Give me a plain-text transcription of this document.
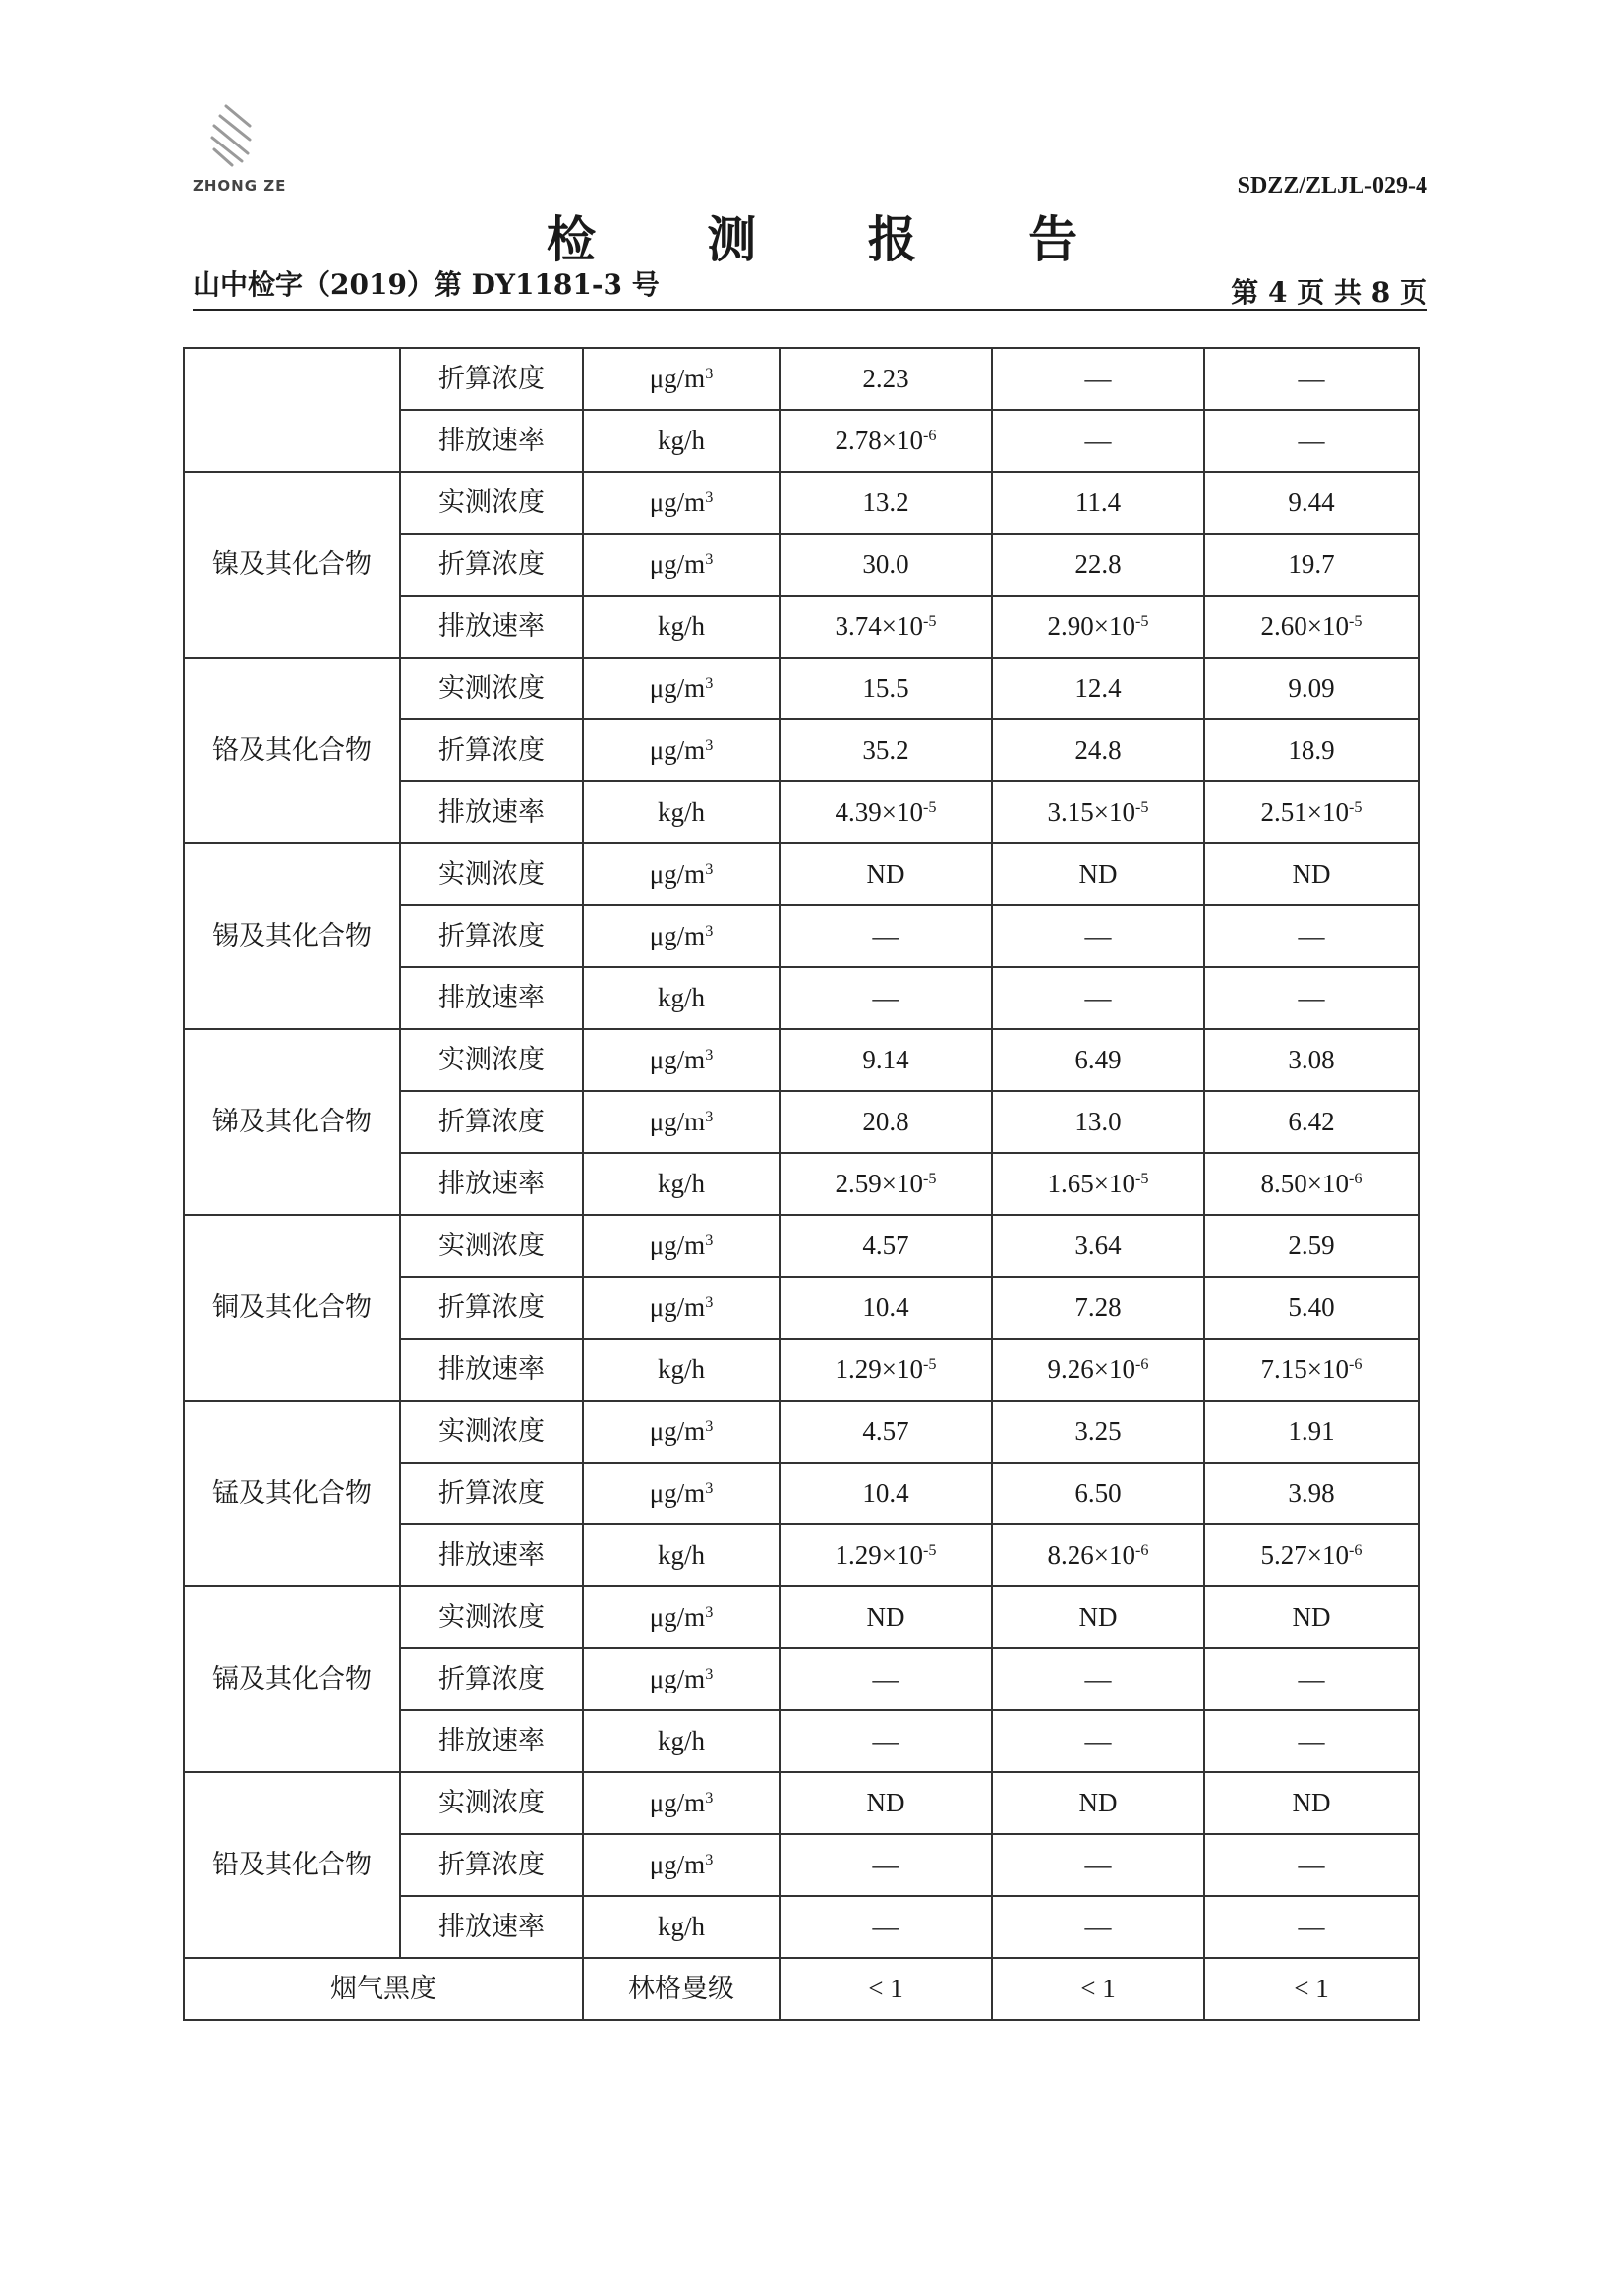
ZHONG ZE	SDZZ/ZLJL-029-4
检 测 报 告
山中检字（2019）第 DY1181-3 号	第 4 页 共 8 页
	折算浓度	$\mu g/m^3$	2.23	—	—
	排放速率	kg/h	$2.78\times 10^{-6}$	—	—
镍及其化合物	实测浓度	$\mu g/m^3$	13.2	11.4	9.44
	折算浓度	$\mu g/m^3$	30.0	22.8	19.7
	排放速率	kg/h	$3.74\times 10^{-5}$	$2.90\times 10^{-5}$	$2.60\times 10^{-5}$
铬及其化合物	实测浓度	$\mu g/m^3$	15.5	12.4	9.09
	折算浓度	$\mu g/m^3$	35.2	24.8	18.9
	排放速率	kg/h	$4.39\times 10^{-5}$	$3.15\times 10^{-5}$	$2.51\times 10^{-5}$
锡及其化合物	实测浓度	$\mu g/m^3$	ND	ND	ND
	折算浓度	$\mu g/m^3$	—	—	—
	排放速率	kg/h	—	—	—
锑及其化合物	实测浓度	$\mu g/m^3$	9.14	6.49	3.08
	折算浓度	$\mu g/m^3$	20.8	13.0	6.42
	排放速率	kg/h	$2.59\times 10^{-5}$	$1.65\times 10^{-5}$	$8.50\times 10^{-6}$
铜及其化合物	实测浓度	$\mu g/m^3$	4.57	3.64	2.59
	折算浓度	$\mu g/m^3$	10.4	7.28	5.40
	排放速率	kg/h	$1.29\times 10^{-5}$	$9.26\times 10^{-6}$	$7.15\times 10^{-6}$
锰及其化合物	实测浓度	$\mu g/m^3$	4.57	3.25	1.91
	折算浓度	$\mu g/m^3$	10.4	6.50	3.98
	排放速率	kg/h	$1.29\times 10^{-5}$	$8.26\times 10^{-6}$	$5.27\times 10^{-6}$
镉及其化合物	实测浓度	$\mu g/m^3$	ND	ND	ND
	折算浓度	$\mu g/m^3$	—	—	—
	排放速率	kg/h	—	—	—
铅及其化合物	实测浓度	$\mu g/m^3$	ND	ND	ND
	折算浓度	$\mu g/m^3$	—	—	—
	排放速率	kg/h	—	—	—
烟气黑度		林格曼级	< 1	< 1	< 1
